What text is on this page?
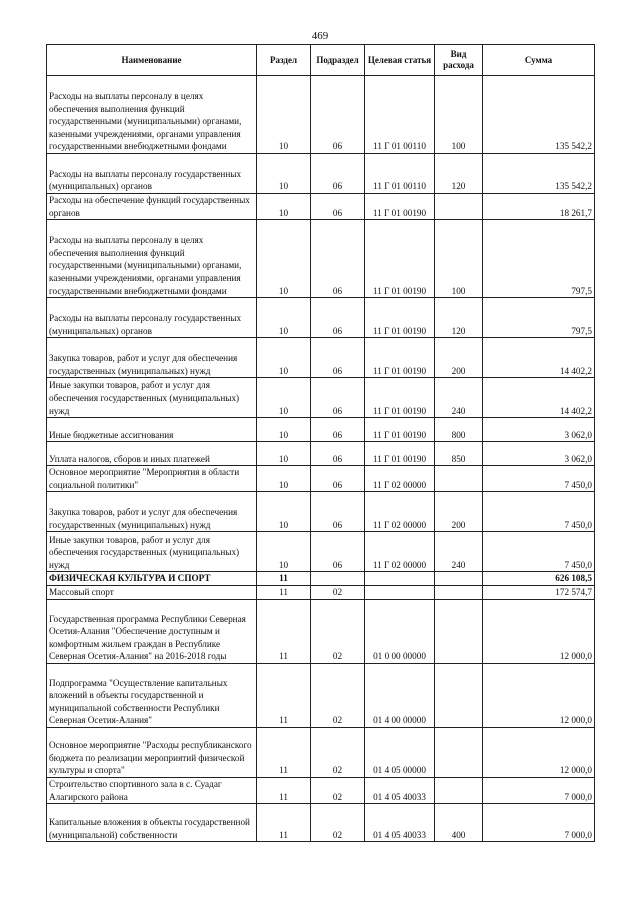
469
Наименование	Раздел	Подраздел	Целевая статья	Вид расхода	Сумма
Расходы на выплаты персоналу в целях обеспечения выполнения функций государственными (муниципальными) органами, казенными учреждениями, органами управления государственными внебюджетными фондами	10	06	11 Г 01 00110	100	135 542,2
Расходы на выплаты персоналу государственных (муниципальных) органов	10	06	11 Г 01 00110	120	135 542,2
Расходы на обеспечение функций государственных органов	10	06	11 Г 01 00190		18 261,7
Расходы на выплаты персоналу в целях обеспечения выполнения функций государственными (муниципальными) органами, казенными учреждениями, органами управления государственными внебюджетными фондами	10	06	11 Г 01 00190	100	797,5
Расходы на выплаты персоналу государственных (муниципальных) органов	10	06	11 Г 01 00190	120	797,5
Закупка товаров, работ и услуг для обеспечения государственных (муниципальных) нужд	10	06	11 Г 01 00190	200	14 402,2
Иные закупки товаров, работ и услуг для обеспечения государственных (муниципальных) нужд	10	06	11 Г 01 00190	240	14 402,2
Иные бюджетные ассигнования	10	06	11 Г 01 00190	800	3 062,0
Уплата налогов, сборов и иных платежей	10	06	11 Г 01 00190	850	3 062,0
Основное мероприятие "Мероприятия в области социальной политики"	10	06	11 Г 02 00000		7 450,0
Закупка товаров, работ и услуг для обеспечения государственных (муниципальных) нужд	10	06	11 Г 02 00000	200	7 450,0
Иные закупки товаров, работ и услуг для обеспечения государственных (муниципальных) нужд	10	06	11 Г 02 00000	240	7 450,0
ФИЗИЧЕСКАЯ КУЛЬТУРА И СПОРТ	11				626 108,5
Массовый спорт	11	02			172 574,7
Государственная программа Республики Северная Осетия-Алания "Обеспечение доступным и комфортным жильем граждан в Республике Северная Осетия-Алания" на 2016-2018 годы	11	02	01 0 00 00000		12 000,0
Подпрограмма "Осуществление капитальных вложений в объекты государственной и муниципальной собственности Республики Северная Осетия-Алания"	11	02	01 4 00 00000		12 000,0
Основное мероприятие "Расходы республиканского бюджета по реализации мероприятий физической культуры и спорта"	11	02	01 4 05 00000		12 000,0
Строительство спортивного зала в с. Суадаг Алагирского района	11	02	01 4 05 40033		7 000,0
Капитальные вложения в объекты государственной (муниципальной) собственности	11	02	01 4 05 40033	400	7 000,0
